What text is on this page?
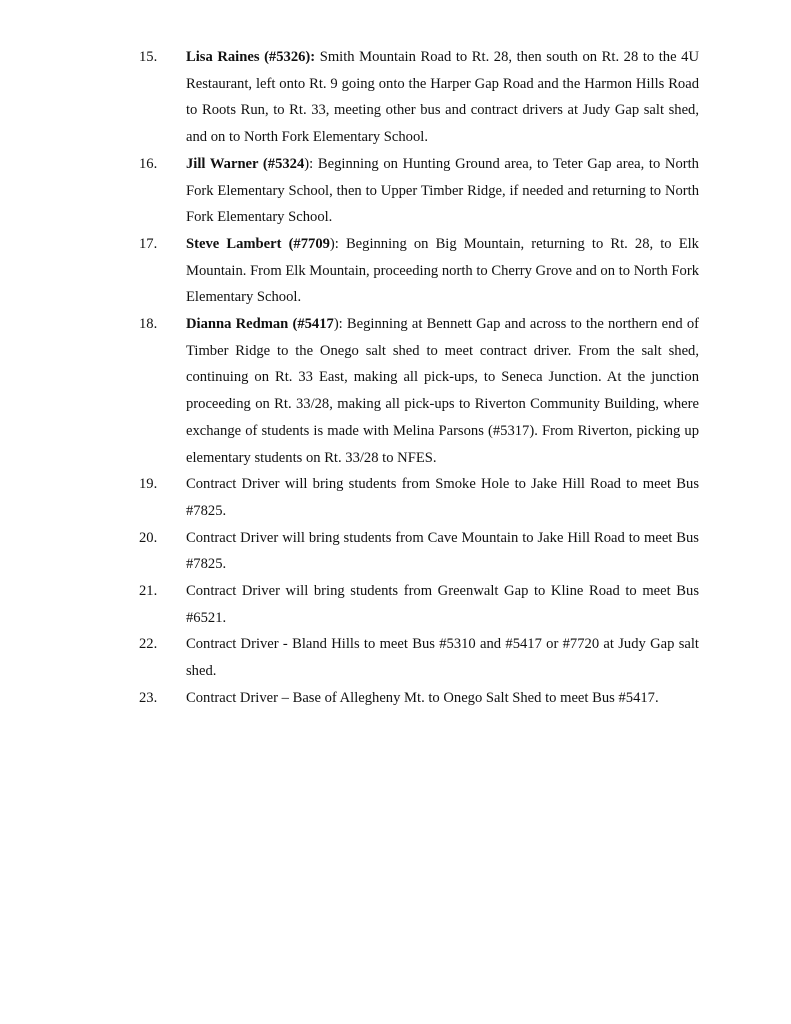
15.	Lisa Raines (#5326): Smith Mountain Road to Rt. 28, then south on Rt. 28 to the 4U Restaurant, left onto Rt. 9 going onto the Harper Gap Road and the Harmon Hills Road to Roots Run, to Rt. 33, meeting other bus and contract drivers at Judy Gap salt shed, and on to North Fork Elementary School.
16.	Jill Warner (#5324): Beginning on Hunting Ground area, to Teter Gap area, to North Fork Elementary School, then to Upper Timber Ridge, if needed and returning to North Fork Elementary School.
17.	Steve Lambert (#7709): Beginning on Big Mountain, returning to Rt. 28, to Elk Mountain. From Elk Mountain, proceeding north to Cherry Grove and on to North Fork Elementary School.
18.	Dianna Redman (#5417): Beginning at Bennett Gap and across to the northern end of Timber Ridge to the Onego salt shed to meet contract driver. From the salt shed, continuing on Rt. 33 East, making all pick-ups, to Seneca Junction. At the junction proceeding on Rt. 33/28, making all pick-ups to Riverton Community Building, where exchange of students is made with Melina Parsons (#5317). From Riverton, picking up elementary students on Rt. 33/28 to NFES.
19.	Contract Driver will bring students from Smoke Hole to Jake Hill Road to meet Bus #7825.
20.	Contract Driver will bring students from Cave Mountain to Jake Hill Road to meet Bus #7825.
21.	Contract Driver will bring students from Greenwalt Gap to Kline Road to meet Bus #6521.
22.	Contract Driver - Bland Hills to meet Bus #5310 and #5417 or #7720 at Judy Gap salt shed.
23.	Contract Driver – Base of Allegheny Mt. to Onego Salt Shed to meet Bus #5417.
